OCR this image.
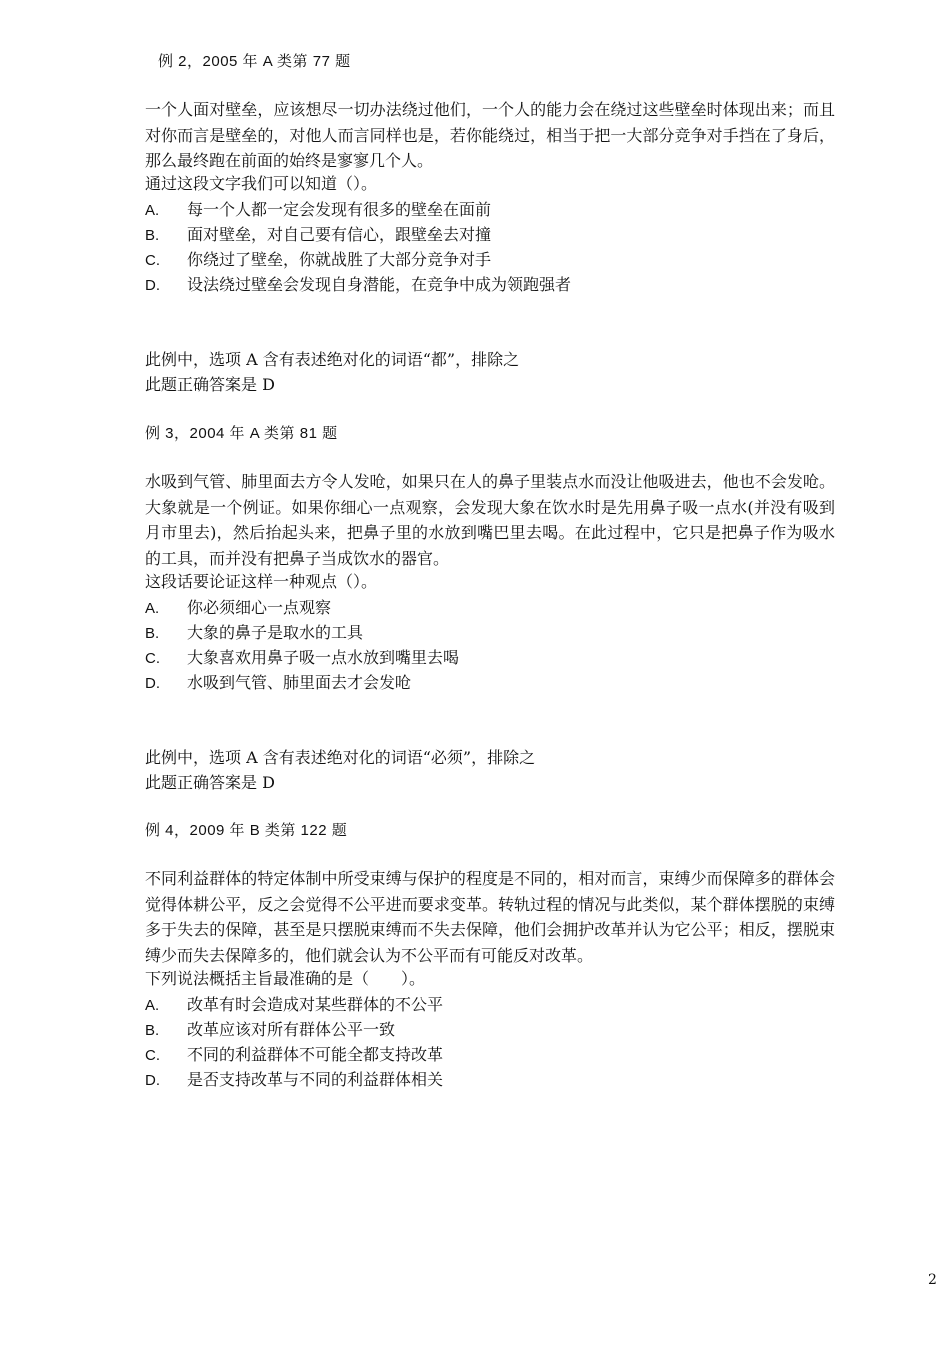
例 2，2005 年 A 类第 77 题
一个人面对壁垒，应该想尽一切办法绕过他们，一个人的能力会在绕过这些壁垒时体现出来；而且对你而言是壁垒的，对他人而言同样也是，若你能绕过，相当于把一大部分竞争对手挡在了身后，那么最终跑在前面的始终是寥寥几个人。
通过这段文字我们可以知道（）。
A. 每一个人都一定会发现有很多的壁垒在面前
B. 面对壁垒，对自己要有信心，跟壁垒去对撞
C. 你绕过了壁垒，你就战胜了大部分竞争对手
D. 设法绕过壁垒会发现自身潜能，在竞争中成为领跑强者
此例中，选项 A 含有表述绝对化的词语“都”，排除之
此题正确答案是 D
例 3，2004 年 A 类第 81 题
水吸到气管、肺里面去方令人发呛，如果只在人的鼻子里装点水而没让他吸进去，他也不会发呛。大象就是一个例证。如果你细心一点观察，会发现大象在饮水时是先用鼻子吸一点水(并没有吸到月市里去)，然后抬起头来，把鼻子里的水放到嘴巴里去喝。在此过程中，它只是把鼻子作为吸水的工具，而并没有把鼻子当成饮水的器官。
这段话要论证这样一种观点（）。
A. 你必须细心一点观察
B. 大象的鼻子是取水的工具
C. 大象喜欢用鼻子吸一点水放到嘴里去喝
D. 水吸到气管、肺里面去才会发呛
此例中，选项 A 含有表述绝对化的词语“必须”，排除之
此题正确答案是 D
例 4，2009 年 B 类第 122 题
不同利益群体的特定体制中所受束缚与保护的程度是不同的，相对而言，束缚少而保障多的群体会觉得体耕公平，反之会觉得不公平进而要求变革。转轨过程的情况与此类似，某个群体摆脱的束缚多于失去的保障，甚至是只摆脱束缚而不失去保障，他们会拥护改革并认为它公平；相反，摆脱束缚少而失去保障多的，他们就会认为不公平而有可能反对改革。
下列说法概括主旨最准确的是（　　）。
A. 改革有时会造成对某些群体的不公平
B. 改革应该对所有群体公平一致
C. 不同的利益群体不可能全都支持改革
D. 是否支持改革与不同的利益群体相关
2
